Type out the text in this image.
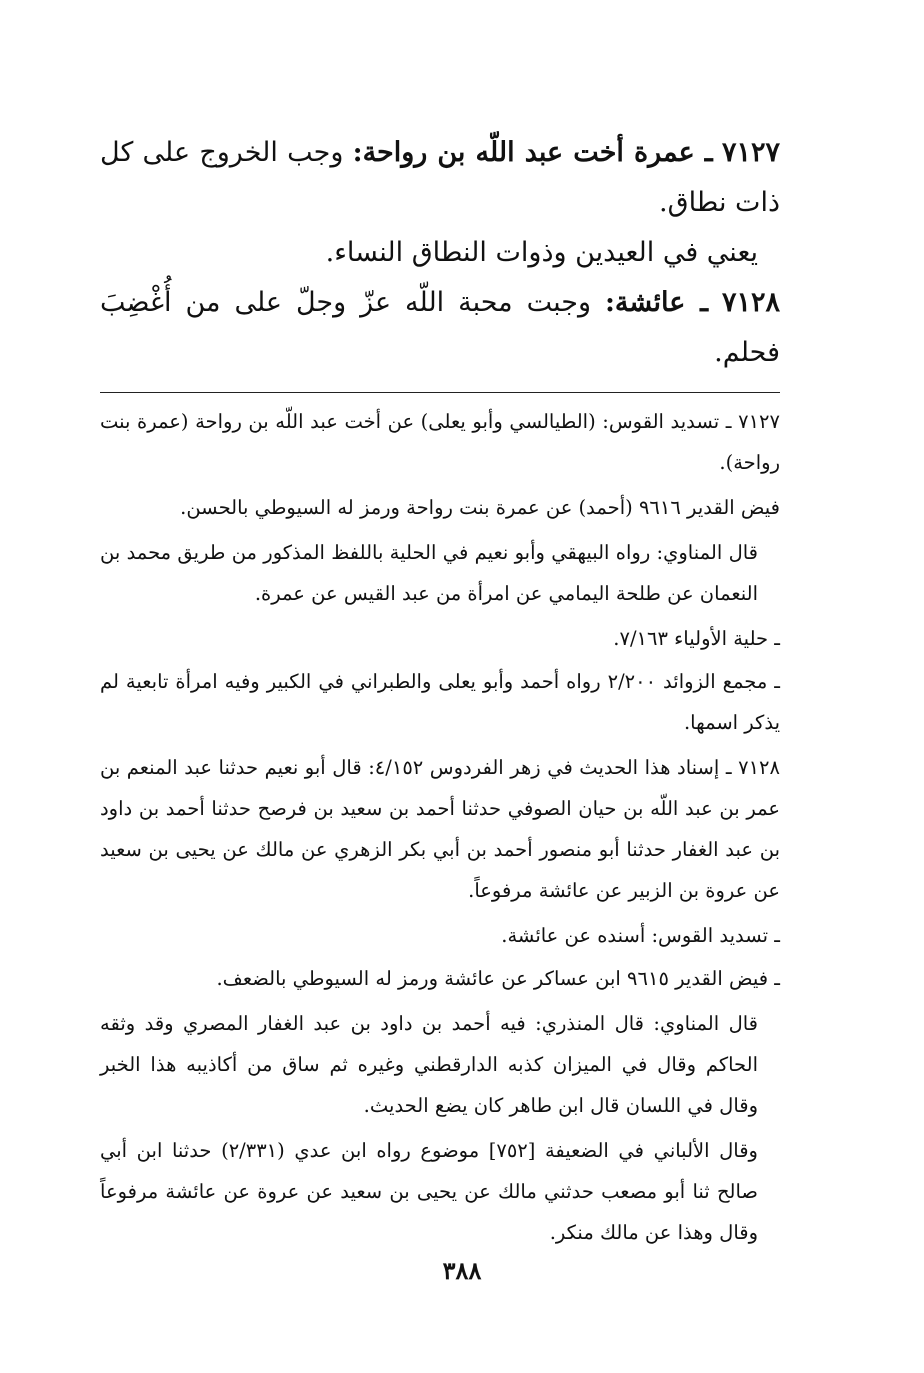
٧١٢٧ ـ عمرة أخت عبد اللّه بن رواحة: وجب الخروج على كل ذات نطاق.

يعني في العيدين وذوات النطاق النساء.

٧١٢٨ ـ عائشة: وجبت محبة اللّه عزّ وجلّ على من أُغْضِبَ فحلم.

٧١٢٧ ـ تسديد القوس: (الطيالسي وأبو يعلى) عن أخت عبد اللّه بن رواحة (عمرة بنت رواحة).

فيض القدير ٩٦١٦ (أحمد) عن عمرة بنت رواحة ورمز له السيوطي بالحسن.

قال المناوي: رواه البيهقي وأبو نعيم في الحلية باللفظ المذكور من طريق محمد بن النعمان عن طلحة اليمامي عن امرأة من عبد القيس عن عمرة.

ـ حلية الأولياء ٧/١٦٣.

ـ مجمع الزوائد ٢/٢٠٠ رواه أحمد وأبو يعلى والطبراني في الكبير وفيه امرأة تابعية لم يذكر اسمها.

٧١٢٨ ـ إسناد هذا الحديث في زهر الفردوس ٤/١٥٢: قال أبو نعيم حدثنا عبد المنعم بن عمر بن عبد اللّه بن حيان الصوفي حدثنا أحمد بن سعيد بن فرصح حدثنا أحمد بن داود بن عبد الغفار حدثنا أبو منصور أحمد بن أبي بكر الزهري عن مالك عن يحيى بن سعيد عن عروة بن الزبير عن عائشة مرفوعاً.

ـ تسديد القوس: أسنده عن عائشة.

ـ فيض القدير ٩٦١٥ ابن عساكر عن عائشة ورمز له السيوطي بالضعف.

قال المناوي: قال المنذري: فيه أحمد بن داود بن عبد الغفار المصري وقد وثقه الحاكم وقال في الميزان كذبه الدارقطني وغيره ثم ساق من أكاذيبه هذا الخبر وقال في اللسان قال ابن طاهر كان يضع الحديث.

وقال الألباني في الضعيفة [٧٥٢] موضوع رواه ابن عدي (٢/٣٣١) حدثنا ابن أبي صالح ثنا أبو مصعب حدثني مالك عن يحيى بن سعيد عن عروة عن عائشة مرفوعاً وقال وهذا عن مالك منكر.

٣٨٨
